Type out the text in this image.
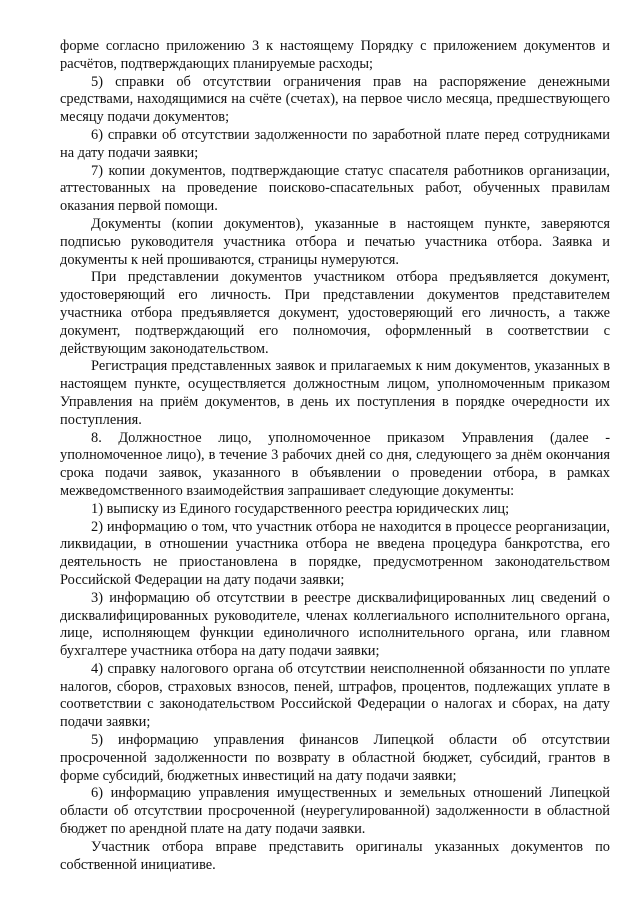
форме согласно приложению 3 к настоящему Порядку с приложением документов и расчётов, подтверждающих планируемые расходы;

5) справки об отсутствии ограничения прав на распоряжение денежными средствами, находящимися на счёте (счетах), на первое число месяца, предшествующего месяцу подачи документов;

6) справки об отсутствии задолженности по заработной плате перед сотрудниками на дату подачи заявки;

7) копии документов, подтверждающие статус спасателя работников организации, аттестованных на проведение поисково-спасательных работ, обученных правилам оказания первой помощи.

Документы (копии документов), указанные в настоящем пункте, заверяются подписью руководителя участника отбора и печатью участника отбора. Заявка и документы к ней прошиваются, страницы нумеруются.

При представлении документов участником отбора предъявляется документ, удостоверяющий его личность. При представлении документов представителем участника отбора предъявляется документ, удостоверяющий его личность, а также документ, подтверждающий его полномочия, оформленный в соответствии с действующим законодательством.

Регистрация представленных заявок и прилагаемых к ним документов, указанных в настоящем пункте, осуществляется должностным лицом, уполномоченным приказом Управления на приём документов, в день их поступления в порядке очередности их поступления.

8. Должностное лицо, уполномоченное приказом Управления (далее - уполномоченное лицо), в течение 3 рабочих дней со дня, следующего за днём окончания срока подачи заявок, указанного в объявлении о проведении отбора, в рамках межведомственного взаимодействия запрашивает следующие документы:

1) выписку из Единого государственного реестра юридических лиц;

2) информацию о том, что участник отбора не находится в процессе реорганизации, ликвидации, в отношении участника отбора не введена процедура банкротства, его деятельность не приостановлена в порядке, предусмотренном законодательством Российской Федерации на дату подачи заявки;

3) информацию об отсутствии в реестре дисквалифицированных лиц сведений о дисквалифицированных руководителе, членах коллегиального исполнительного органа, лице, исполняющем функции единоличного исполнительного органа, или главном бухгалтере участника отбора на дату подачи заявки;

4) справку налогового органа об отсутствии неисполненной обязанности по уплате налогов, сборов, страховых взносов, пеней, штрафов, процентов, подлежащих уплате в соответствии с законодательством Российской Федерации о налогах и сборах, на дату подачи заявки;

5) информацию управления финансов Липецкой области об отсутствии просроченной задолженности по возврату в областной бюджет, субсидий, грантов в форме субсидий, бюджетных инвестиций на дату подачи заявки;

6) информацию управления имущественных и земельных отношений Липецкой области об отсутствии просроченной (неурегулированной) задолженности в областной бюджет по арендной плате на дату подачи заявки.

Участник отбора вправе представить оригиналы указанных документов по собственной инициативе.
